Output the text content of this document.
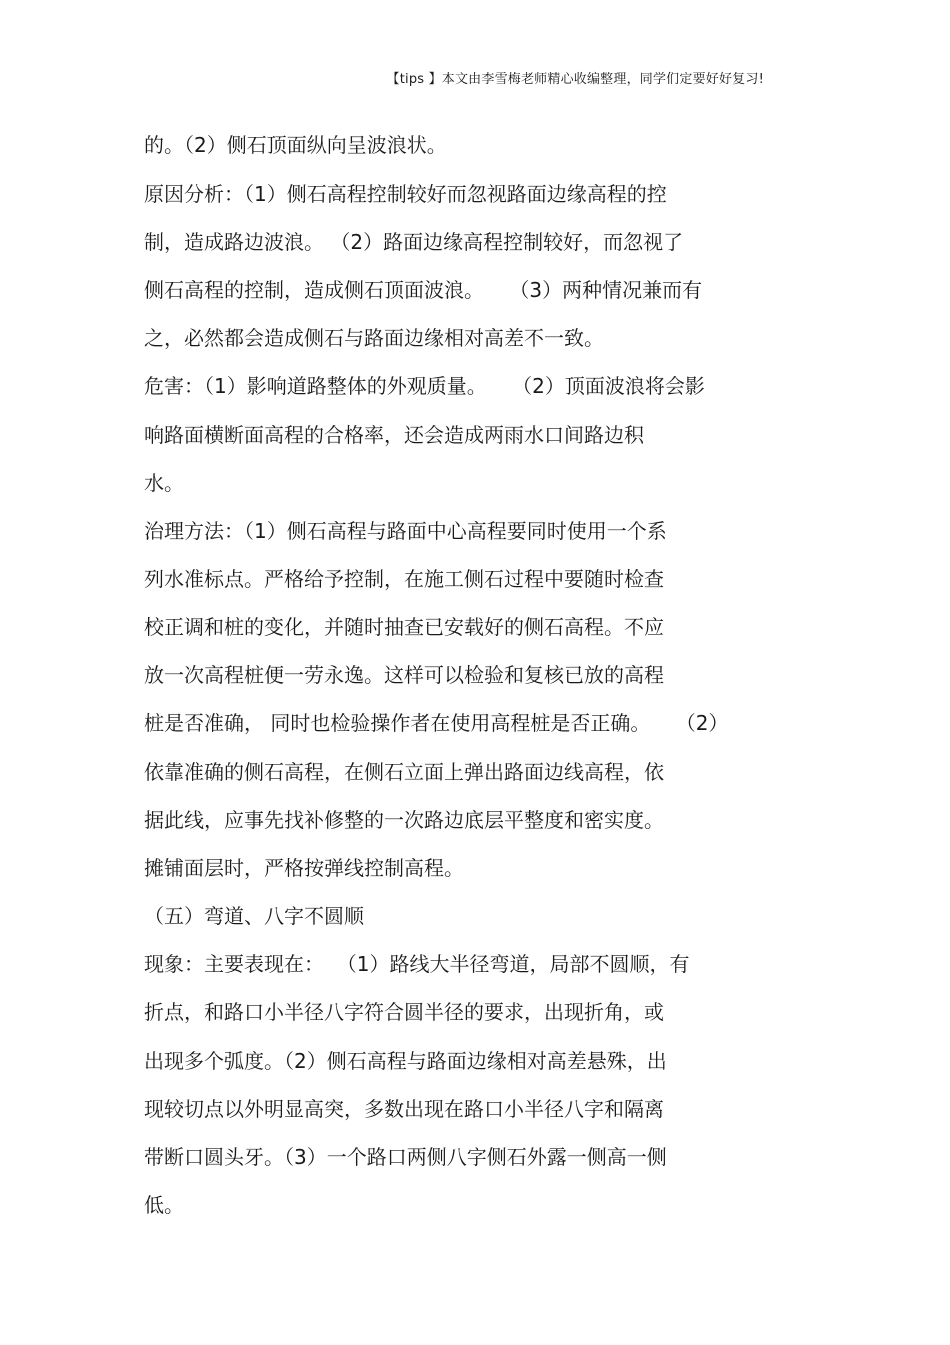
【tips 】本文由李雪梅老师精心收编整理，同学们定要好好复习!
的。（2）侧石顶面纵向呈波浪状。
原因分析：（1）侧石高程控制较好而忽视路面边缘高程的控
制，造成路边波浪。 （2）路面边缘高程控制较好，而忽视了
侧石高程的控制，造成侧石顶面波浪。    （3）两种情况兼而有
之，必然都会造成侧石与路面边缘相对高差不一致。
危害：（1）影响道路整体的外观质量。    （2）顶面波浪将会影
响路面横断面高程的合格率，还会造成两雨水口间路边积
水。
治理方法：（1）侧石高程与路面中心高程要同时使用一个系
列水准标点。严格给予控制，在施工侧石过程中要随时检查
校正调和桩的变化，并随时抽查已安载好的侧石高程。不应
放一次高程桩便一劳永逸。这样可以检验和复核已放的高程
桩是否准确， 同时也检验操作者在使用高程桩是否正确。    （2）
依靠准确的侧石高程，在侧石立面上弹出路面边线高程，依
据此线，应事先找补修整的一次路边底层平整度和密实度。
摊铺面层时，严格按弹线控制高程。
（五）弯道、八字不圆顺
现象：主要表现在：  （1）路线大半径弯道，局部不圆顺，有
折点，和路口小半径八字符合圆半径的要求，出现折角，或
出现多个弧度。（2）侧石高程与路面边缘相对高差悬殊，出
现较切点以外明显高突，多数出现在路口小半径八字和隔离
带断口圆头牙。（3）一个路口两侧八字侧石外露一侧高一侧
低。
